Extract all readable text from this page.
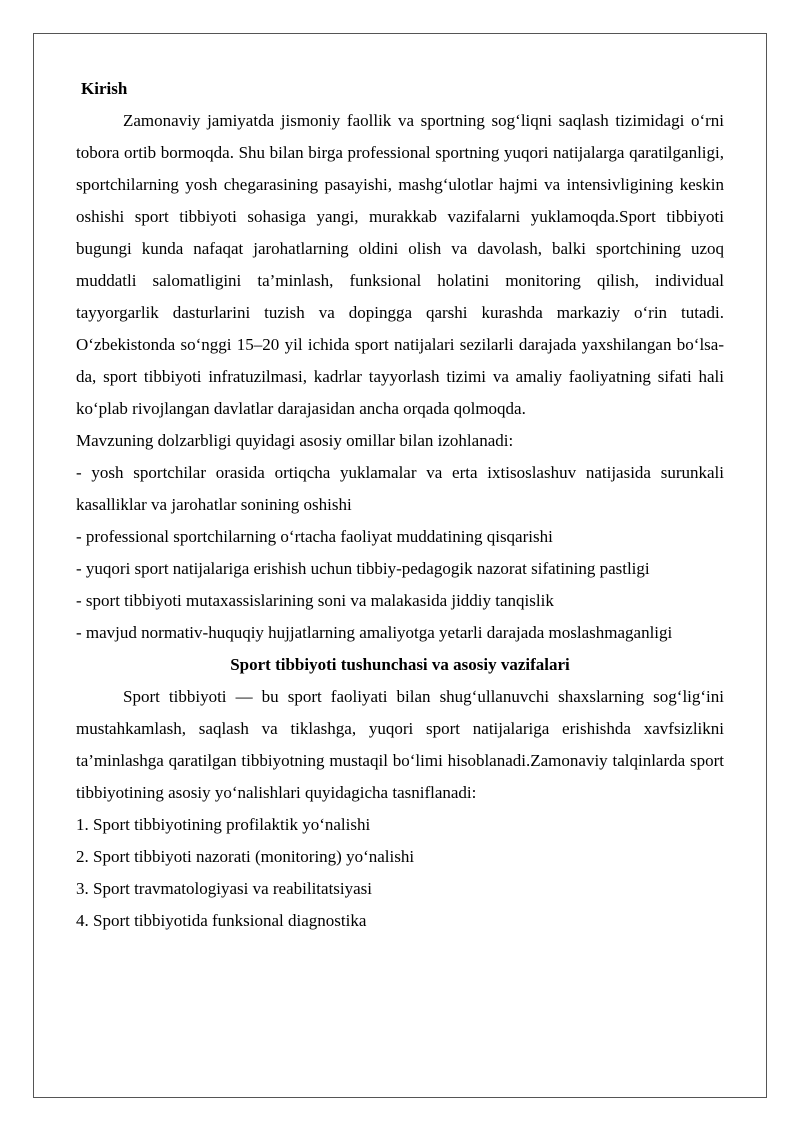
Kirish

Zamonaviy jamiyatda jismoniy faollik va sportning sog‘liqni saqlash tizimidagi o‘rni tobora ortib bormoqda. Shu bilan birga professional sportning yuqori natijalarga qaratilganligi, sportchilarning yosh chegarasining pasayishi, mashg‘ulotlar hajmi va intensivligining keskin oshishi sport tibbiyoti sohasiga yangi, murakkab vazifalarni yuklamoqda.Sport tibbiyoti bugungi kunda nafaqat jarohatlarning oldini olish va davolash, balki sportchining uzoq muddatli salomatligini ta’minlash, funksional holatini monitoring qilish, individual tayyorgarlik dasturlarini tuzish va dopingga qarshi kurashda markaziy o‘rin tutadi. O‘zbekistonda so‘nggi 15–20 yil ichida sport natijalari sezilarli darajada yaxshilangan bo‘lsa-da, sport tibbiyoti infratuzilmasi, kadrlar tayyorlash tizimi va amaliy faoliyatning sifati hali ko‘plab rivojlangan davlatlar darajasidan ancha orqada qolmoqda.

Mavzuning dolzarbligi quyidagi asosiy omillar bilan izohlanadi:

- yosh sportchilar orasida ortiqcha yuklamalar va erta ixtisoslashuv natijasida surunkali kasalliklar va jarohatlar sonining oshishi

- professional sportchilarning o‘rtacha faoliyat muddatining qisqarishi

- yuqori sport natijalariga erishish uchun tibbiy-pedagogik nazorat sifatining pastligi

- sport tibbiyoti mutaxassislarining soni va malakasida jiddiy tanqislik

- mavjud normativ-huquqiy hujjatlarning amaliyotga yetarli darajada moslashmaganligi

Sport tibbiyoti tushunchasi va asosiy vazifalari

Sport tibbiyoti — bu sport faoliyati bilan shug‘ullanuvchi shaxslarning sog‘lig‘ini mustahkamlash, saqlash va tiklashga, yuqori sport natijalariga erishishda xavfsizlikni ta’minlashga qaratilgan tibbiyotning mustaqil bo‘limi hisoblanadi.Zamonaviy talqinlarda sport tibbiyotining asosiy yo‘nalishlari quyidagicha tasniflanadi:

1. Sport tibbiyotining profilaktik yo‘nalishi

2. Sport tibbiyoti nazorati (monitoring) yo‘nalishi

3. Sport travmatologiyasi va reabilitatsiyasi

4. Sport tibbiyotida funksional diagnostika
